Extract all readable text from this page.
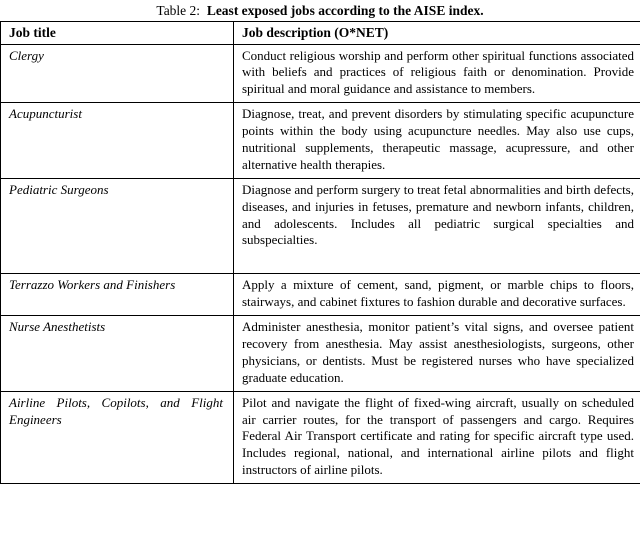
Table 2: Least exposed jobs according to the AISE index.
Job title	Job description (O*NET)
Clergy	Conduct religious worship and perform other spiritual functions associated with beliefs and practices of religious faith or denomination. Provide spiritual and moral guidance and assistance to members.
Acupuncturist	Diagnose, treat, and prevent disorders by stimulating specific acupuncture points within the body using acupuncture needles. May also use cups, nutritional supplements, therapeutic massage, acupressure, and other alternative health therapies.
Pediatric Surgeons	Diagnose and perform surgery to treat fetal abnormalities and birth defects, diseases, and injuries in fetuses, premature and newborn infants, children, and adolescents. Includes all pediatric surgical specialties and subspecialties.
Terrazzo Workers and Finishers	Apply a mixture of cement, sand, pigment, or marble chips to floors, stairways, and cabinet fixtures to fashion durable and decorative surfaces.
Nurse Anesthetists	Administer anesthesia, monitor patient’s vital signs, and oversee patient recovery from anesthesia. May assist anesthesiologists, surgeons, other physicians, or dentists. Must be registered nurses who have specialized graduate education.
Airline Pilots, Copilots, and Flight Engineers	Pilot and navigate the flight of fixed-wing aircraft, usually on scheduled air carrier routes, for the transport of passengers and cargo. Requires Federal Air Transport certificate and rating for specific aircraft type used. Includes regional, national, and international airline pilots and flight instructors of airline pilots.
